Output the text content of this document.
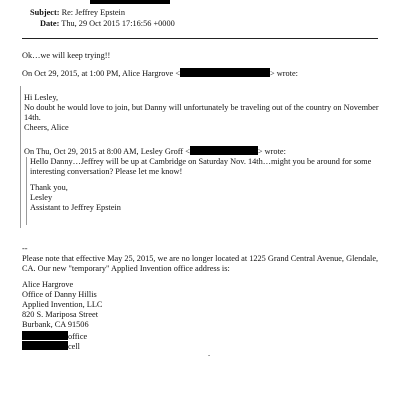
Subject: Re: Jeffrey Epstein
Date: Thu, 29 Oct 2015 17:16:56 +0000
Ok…we will keep trying!!
On Oct 29, 2015, at 1:00 PM, Alice Hargrove <	> wrote:
Hi Lesley,
No doubt he would love to join, but Danny will unfortunately be traveling out of the country on November
14th.
Cheers, Alice
On Thu, Oct 29, 2015 at 8:00 AM, Lesley Groff <	> wrote:
Hello Danny…Jeffrey will be up at Cambridge on Saturday Nov. 14th…might you be around for some
interesting conversation? Please let me know!
Thank you,
Lesley
Assistant to Jeffrey Epstein
--
Please note that effective May 25, 2015, we are no longer located at 1225 Grand Central Avenue, Glendale,
CA. Our new "temporary" Applied Invention office address is:
Alice Hargrove
Office of Danny Hillis
Applied Invention, LLC
820 S. Mariposa Street
Burbank, CA 91506
office
cell
.
